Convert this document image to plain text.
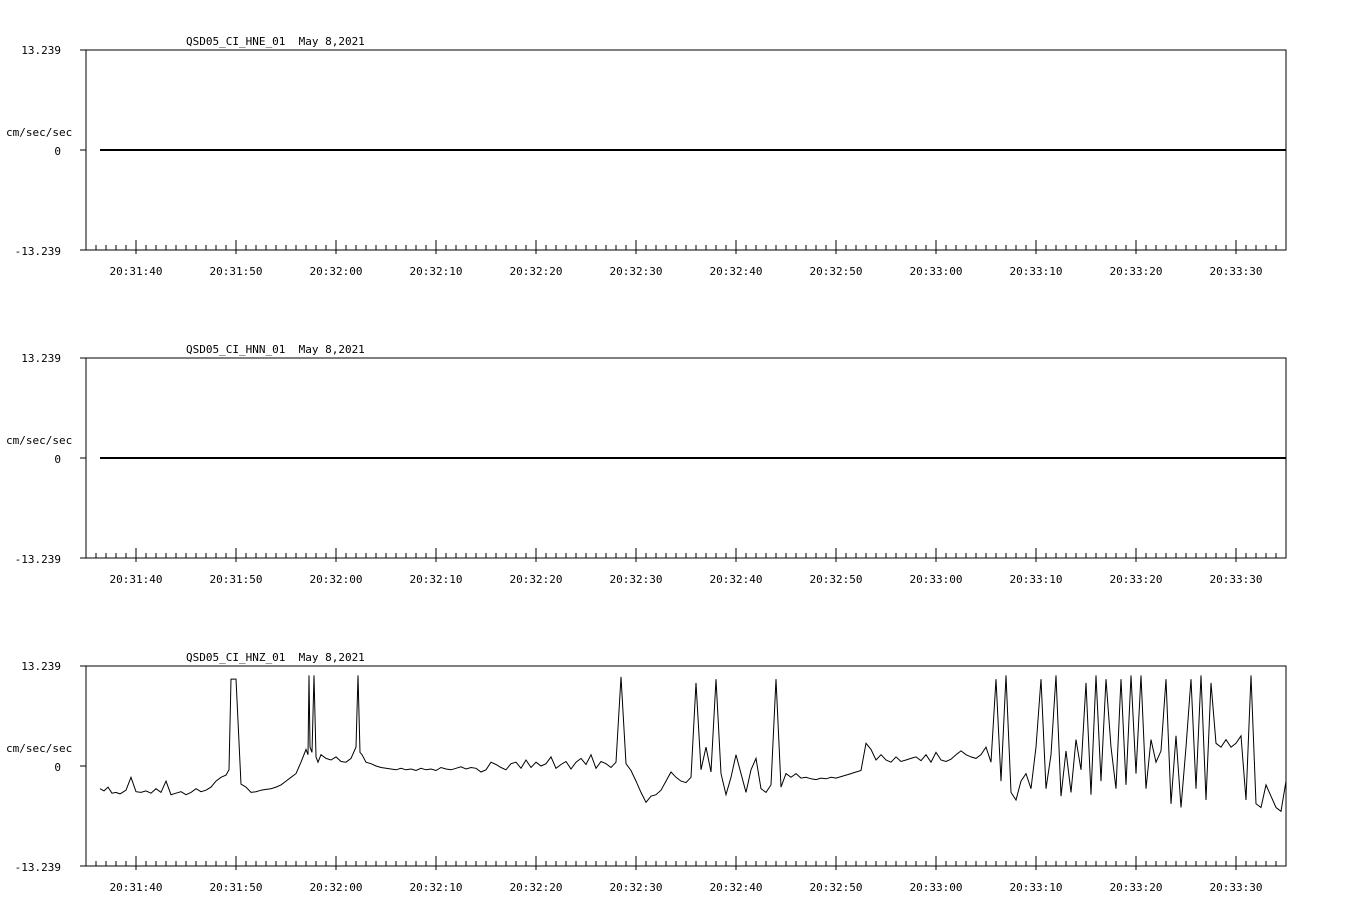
QSD05_CI_HNE_01  May 8,2021
cm/sec/sec
13.239
0
-13.239
20:31:40	20:31:50	20:32:00	20:32:10	20:32:20	20:32:30	20:32:40	20:32:50	20:33:00	20:33:10	20:33:20	20:33:30
QSD05_CI_HNN_01  May 8,2021
cm/sec/sec
13.239
0
-13.239
20:31:40	20:31:50	20:32:00	20:32:10	20:32:20	20:32:30	20:32:40	20:32:50	20:33:00	20:33:10	20:33:20	20:33:30
QSD05_CI_HNZ_01  May 8,2021
cm/sec/sec
13.239
0
-13.239
20:31:40	20:31:50	20:32:00	20:32:10	20:32:20	20:32:30	20:32:40	20:32:50	20:33:00	20:33:10	20:33:20	20:33:30
